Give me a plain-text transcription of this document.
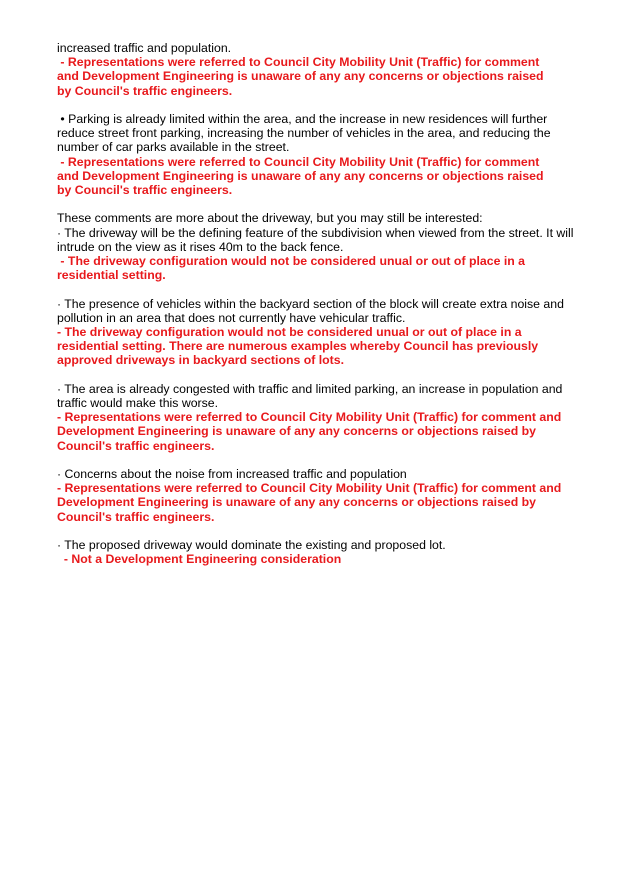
increased traffic and population.
- Representations were referred to Council City Mobility Unit (Traffic) for comment
and Development Engineering is unaware of any any concerns or objections raised
by Council's traffic engineers.
• Parking is already limited within the area, and the increase in new residences will further
reduce street front parking, increasing the number of vehicles in the area, and reducing the
number of car parks available in the street.
- Representations were referred to Council City Mobility Unit (Traffic) for comment
and Development Engineering is unaware of any any concerns or objections raised
by Council's traffic engineers.
These comments are more about the driveway, but you may still be interested:
· The driveway will be the defining feature of the subdivision when viewed from the street. It will
intrude on the view as it rises 40m to the back fence.
- The driveway configuration would not be considered unual or out of place in a
residential setting.
· The presence of vehicles within the backyard section of the block will create extra noise and
pollution in an area that does not currently have vehicular traffic.
- The driveway configuration would not be considered unual or out of place in a
residential setting. There are numerous examples whereby Council has previously
approved driveways in backyard sections of lots.
· The area is already congested with traffic and limited parking, an increase in population and
traffic would make this worse.
- Representations were referred to Council City Mobility Unit (Traffic) for comment and
Development Engineering is unaware of any any concerns or objections raised by
Council's traffic engineers.
· Concerns about the noise from increased traffic and population
- Representations were referred to Council City Mobility Unit (Traffic) for comment and
Development Engineering is unaware of any any concerns or objections raised by
Council's traffic engineers.
· The proposed driveway would dominate the existing and proposed lot.
- Not a Development Engineering consideration
